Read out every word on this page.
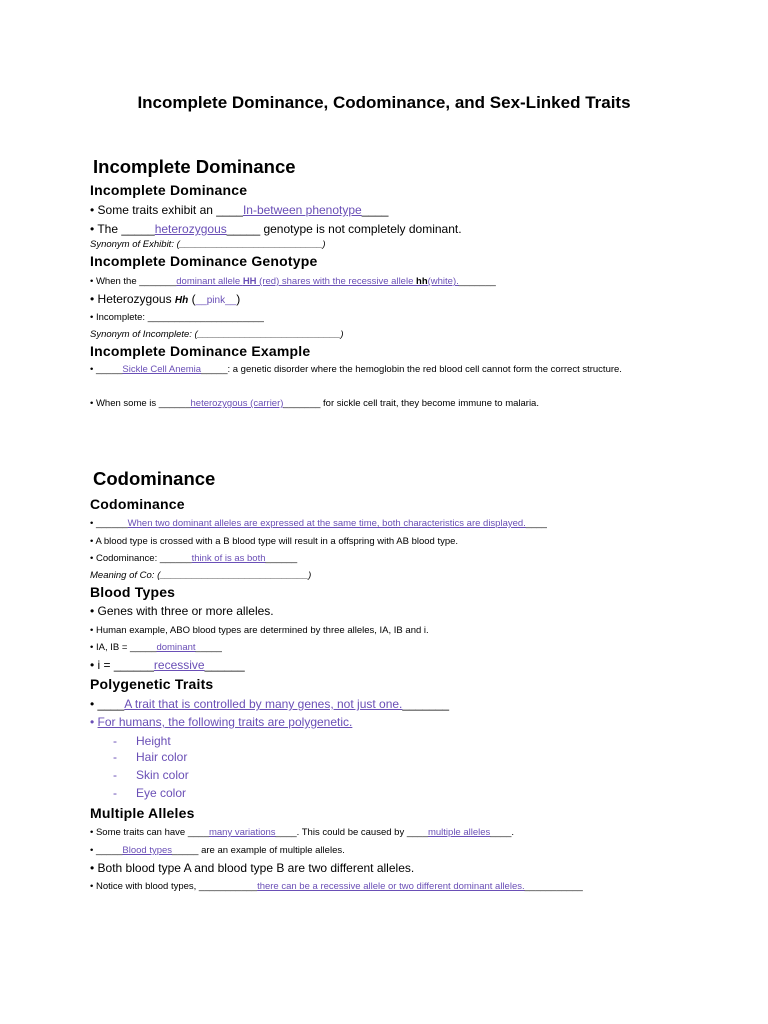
Incomplete Dominance, Codominance, and Sex-Linked Traits
Incomplete Dominance
Incomplete Dominance
• Some traits exhibit an ____In-between phenotype____
• The _____heterozygous_____ genotype is not completely dominant.
Synonym of Exhibit: (___________________________)
Incomplete Dominance Genotype
• When the _______dominant allele HH (red) shares with the recessive allele hh(white)._______
• Heterozygous Hh (__pink__)
• Incomplete: ______________________
Synonym of Incomplete: (___________________________)
Incomplete Dominance Example
• _____Sickle Cell Anemia_____: a genetic disorder where the hemoglobin the red blood cell cannot form the correct structure.
• When some is ______heterozygous (carrier)_______ for sickle cell trait, they become immune to malaria.
Codominance
Codominance
• ______When two dominant alleles are expressed at the same time, both characteristics are displayed.____
• A blood type is crossed with a B blood type will result in a offspring with AB blood type.
• Codominance: ______think of is as both______
Meaning of Co: (____________________________)
Blood Types
• Genes with three or more alleles.
• Human example, ABO blood types are determined by three alleles, IA, IB and i.
• IA, IB = _____dominant_____
• i = ______recessive______
Polygenetic Traits
• ____A trait that is controlled by many genes, not just one._______
• For humans, the following traits are polygenetic.
- Height
- Hair color
- Skin color
- Eye color
Multiple Alleles
• Some traits can have ____many variations____. This could be caused by ____multiple alleles____.
• _____Blood types_____ are an example of multiple alleles.
• Both blood type A and blood type B are two different alleles.
• Notice with blood types, ___________there can be a recessive allele or two different dominant alleles.___________
